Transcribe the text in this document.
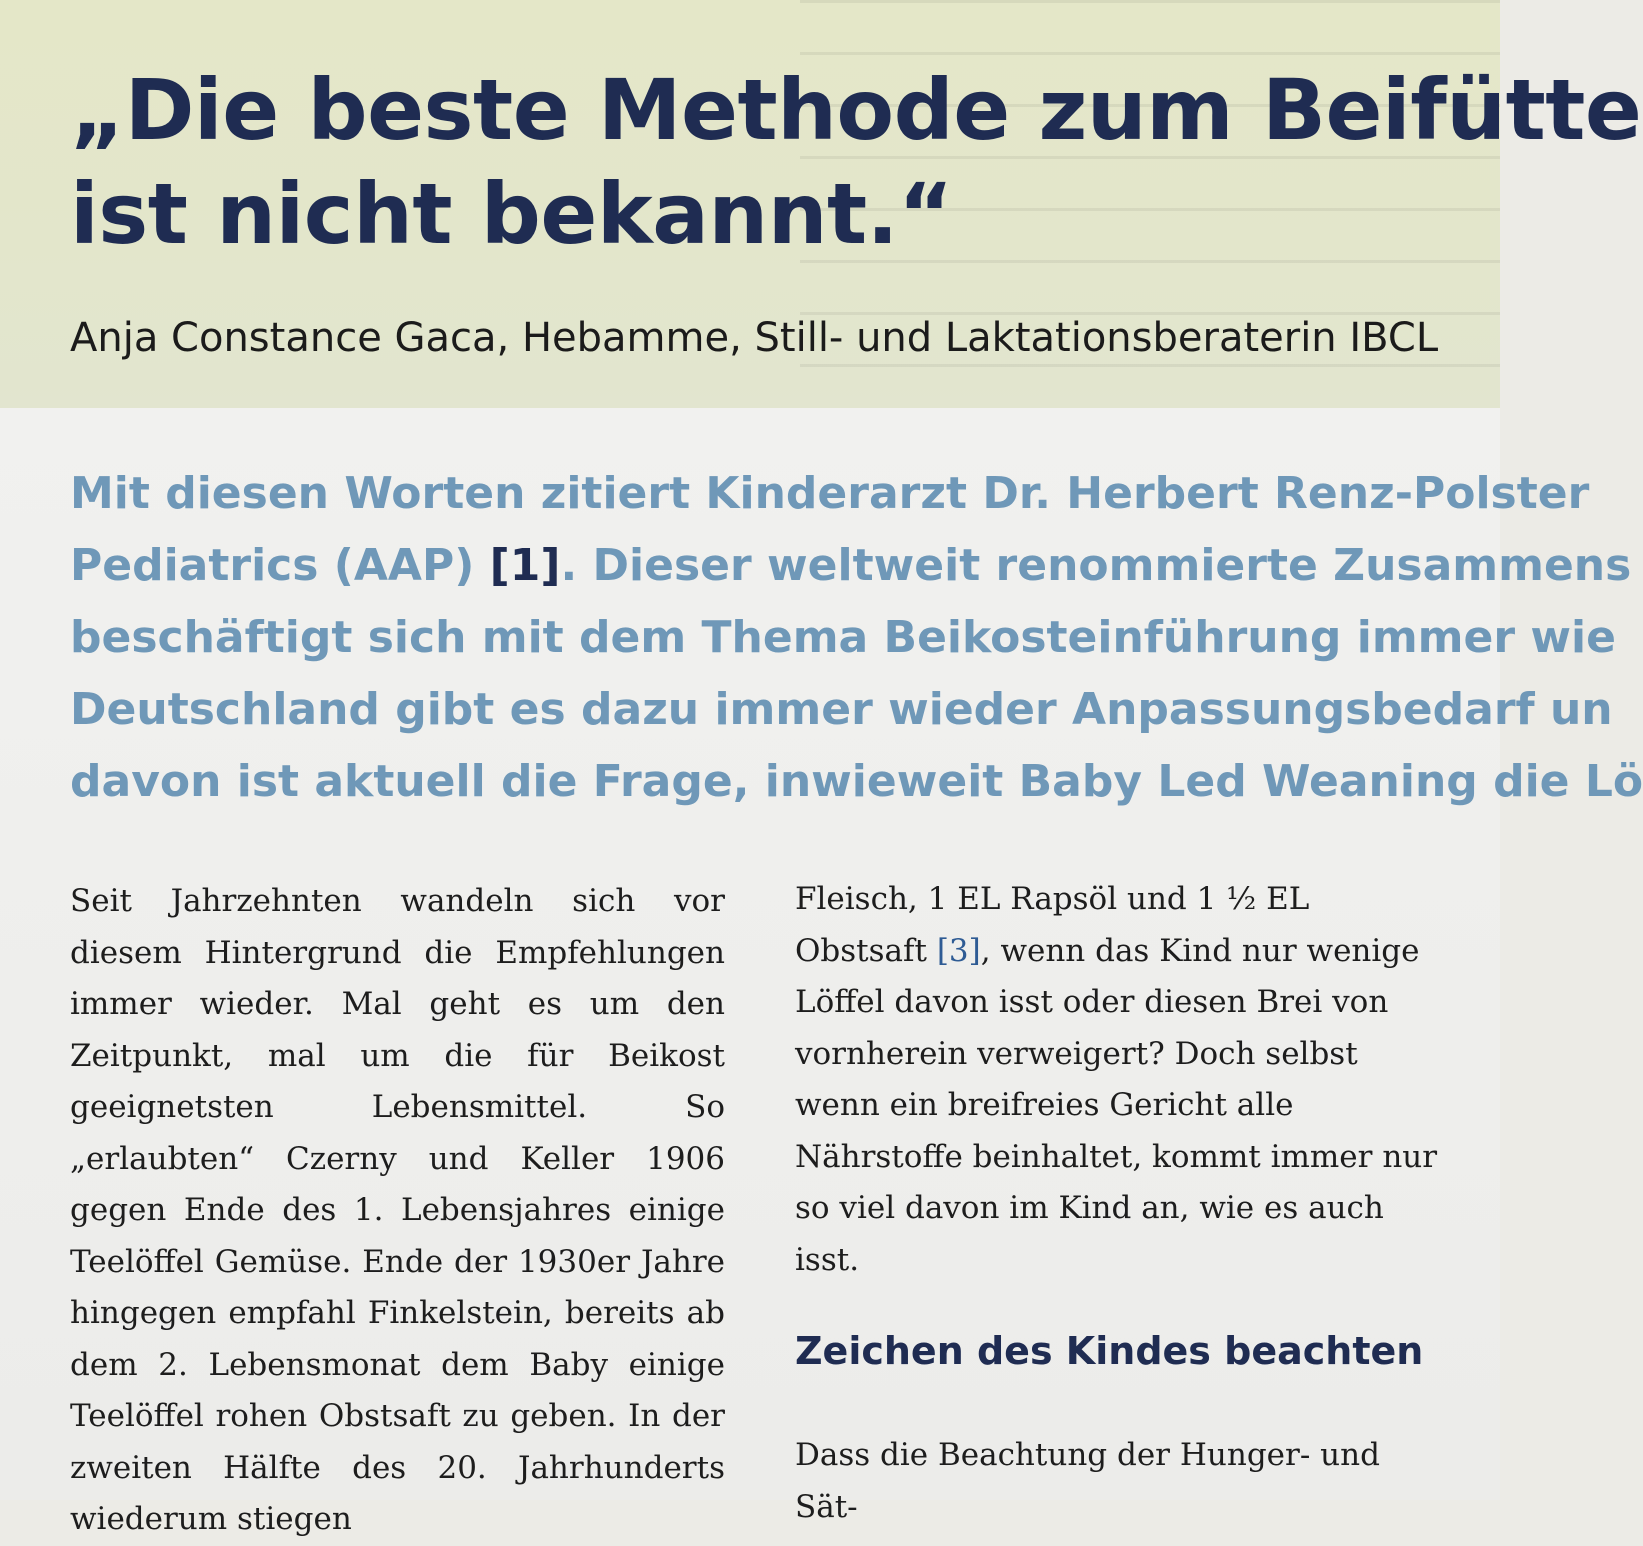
„Die beste Methode zum Beifütte
ist nicht bekannt.“
Anja Constance Gaca, Hebamme, Still- und Laktationsberaterin IBCL
Mit diesen Worten zitiert Kinderarzt Dr. Herbert Renz-Polster
Pediatrics (AAP) [1]. Dieser weltweit renommierte Zusammens
beschäftigt sich mit dem Thema Beikosteinführung immer wie
Deutschland gibt es dazu immer wieder Anpassungsbedarf un
davon ist aktuell die Frage, inwieweit Baby Led Weaning die Lö

Seit Jahrzehnten wandeln sich vor diesem Hintergrund die Empfehlungen immer wieder. Mal geht es um den Zeitpunkt, mal um die für Beikost geeignetsten Lebensmittel. So „erlaubten“ Czerny und Keller 1906 gegen Ende des 1. Lebensjahres einige Teelöffel Gemüse. Ende der 1930er Jahre hingegen empfahl Finkelstein, bereits ab dem 2. Lebensmonat dem Baby einige Teelöffel rohen Obstsaft zu geben. In der zweiten Hälfte des 20. Jahrhunderts wiederum stiegen

Fleisch, 1 EL Rapsöl und 1 ½ EL Obstsaft [3], wenn das Kind nur wenige Löffel davon isst oder diesen Brei von vornherein verweigert? Doch selbst wenn ein breifreies Gericht alle Nährstoffe beinhaltet, kommt immer nur so viel davon im Kind an, wie es auch isst.

Zeichen des Kindes beachten
Dass die Beachtung der Hunger- und Sät-
